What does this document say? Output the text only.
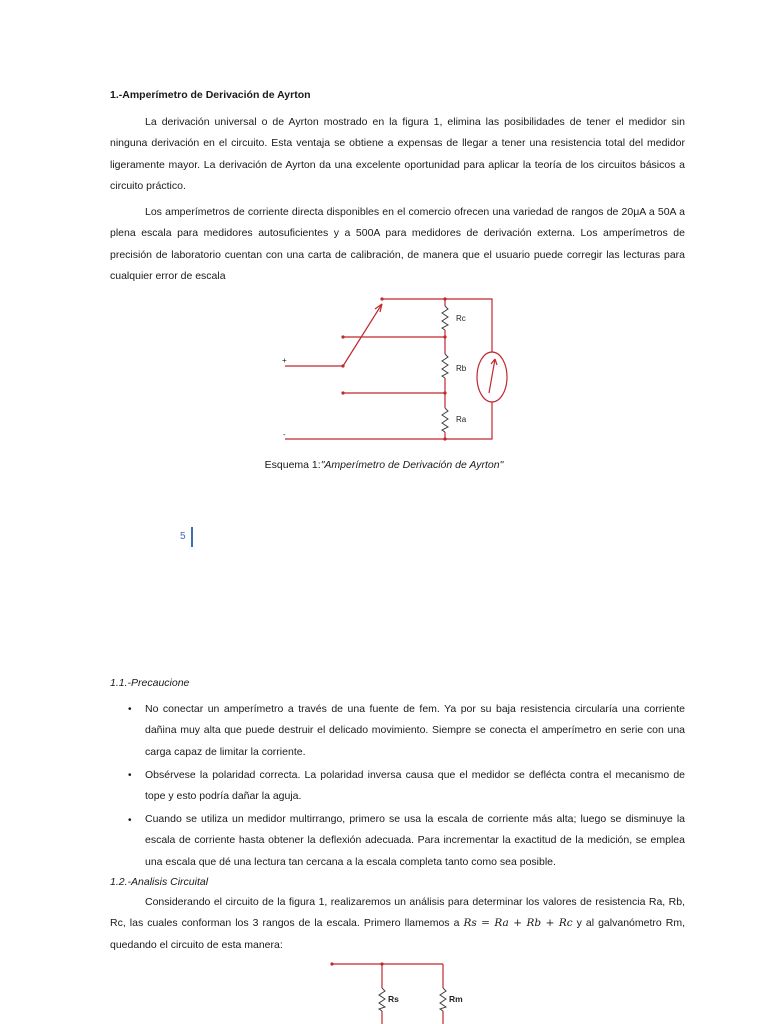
1.-Amperímetro de Derivación de Ayrton
La derivación universal o de Ayrton mostrado en la figura 1, elimina las posibilidades de tener el medidor sin ninguna derivación en el circuito. Esta ventaja se obtiene a expensas de llegar a tener una resistencia total del medidor ligeramente mayor. La derivación de Ayrton da una excelente oportunidad para aplicar la teoría de los circuitos básicos a circuito práctico.
Los amperímetros de corriente directa disponibles en el comercio ofrecen una variedad de rangos de 20μA a 50A a plena escala para medidores autosuficientes y a 500A para medidores de derivación externa. Los amperímetros de precisión de laboratorio cuentan con una carta de calibración, de manera que el usuario puede corregir las lecturas para cualquier error de escala
Rc
Rb
Ra
+
-
Esquema 1:"Amperímetro de Derivación de Ayrton"
5
1.1.-Precaucione
• No conectar un amperímetro a través de una fuente de fem. Ya por su baja resistencia circularía una corriente dañina muy alta que puede destruir el delicado movimiento. Siempre se conecta el amperímetro en serie con una carga capaz de limitar la corriente.
• Obsérvese la polaridad correcta. La polaridad inversa causa que el medidor se deflécta contra el mecanismo de tope y esto podría dañar la aguja.
• Cuando se utiliza un medidor multirrango, primero se usa la escala de corriente más alta; luego se disminuye la escala de corriente hasta obtener la deflexión adecuada. Para incrementar la exactitud de la medición, se emplea una escala que dé una lectura tan cercana a la escala completa tanto como sea posible.
1.2.-Analisis Circuital
Considerando el circuito de la figura 1, realizaremos un análisis para determinar los valores de resistencia Ra, Rb, Rc, las cuales conforman los 3 rangos de la escala. Primero llamemos a Rs = Ra + Rb + Rc y al galvanómetro Rm, quedando el circuito de esta manera:
Rs	Rm
